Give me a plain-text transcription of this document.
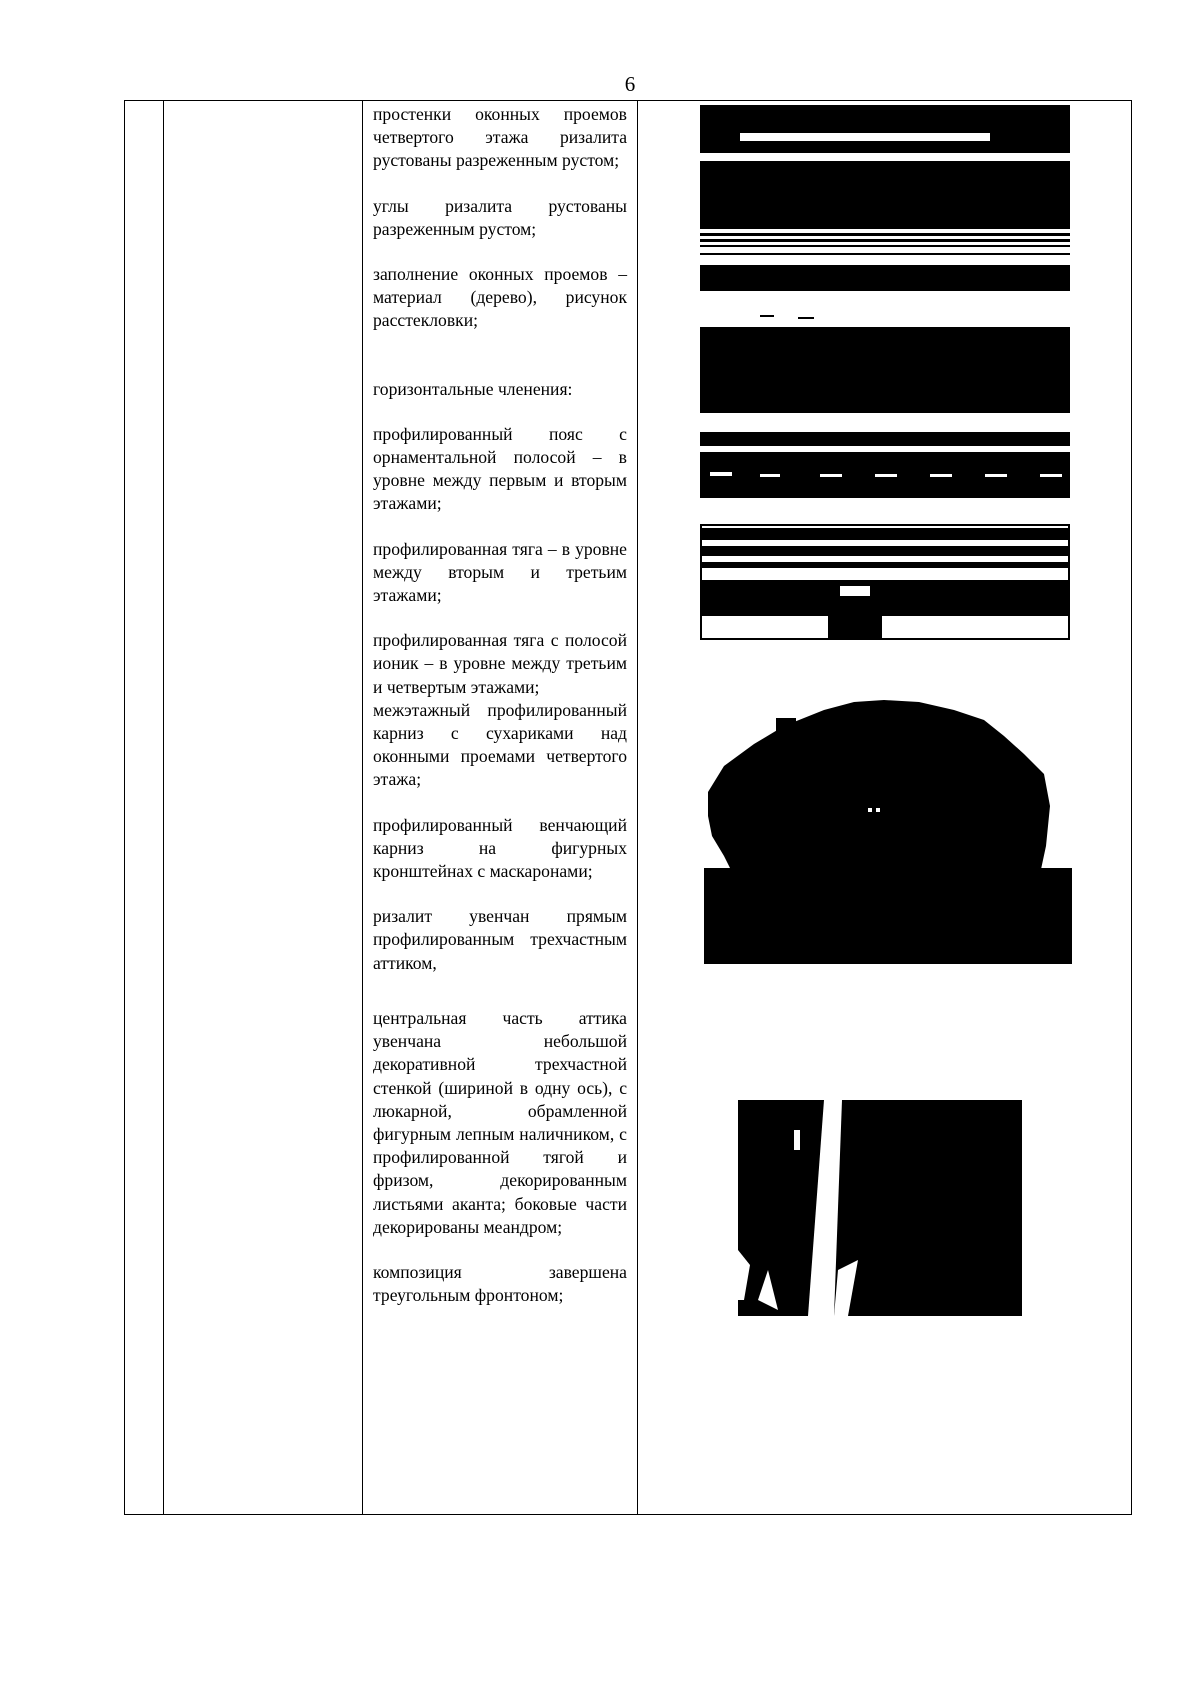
6

простенки оконных проемов четвертого этажа ризалита рустованы разреженным рустом;

углы ризалита рустованы разреженным рустом;

заполнение оконных проемов – материал (дерево), рисунок расстекловки;

горизонтальные членения:

профилированный пояс с орнаментальной полосой – в уровне между первым и вторым этажами;

профилированная тяга – в уровне между вторым и третьим этажами;

профилированная тяга с полосой ионик – в уровне между третьим и четвертым этажами;

межэтажный профилированный карниз с сухариками над оконными проемами четвертого этажа;

профилированный венчающий карниз на фигурных кронштейнах с маскаронами;

ризалит увенчан прямым профилированным трехчастным аттиком,

центральная часть аттика увенчана небольшой декоративной трехчастной стенкой (шириной в одну ось), с люкарной, обрамленной фигурным лепным наличником, с профилированной тягой и фризом, декорированным листьями аканта; боковые части декорированы меандром;

композиция завершена треугольным фронтоном;
